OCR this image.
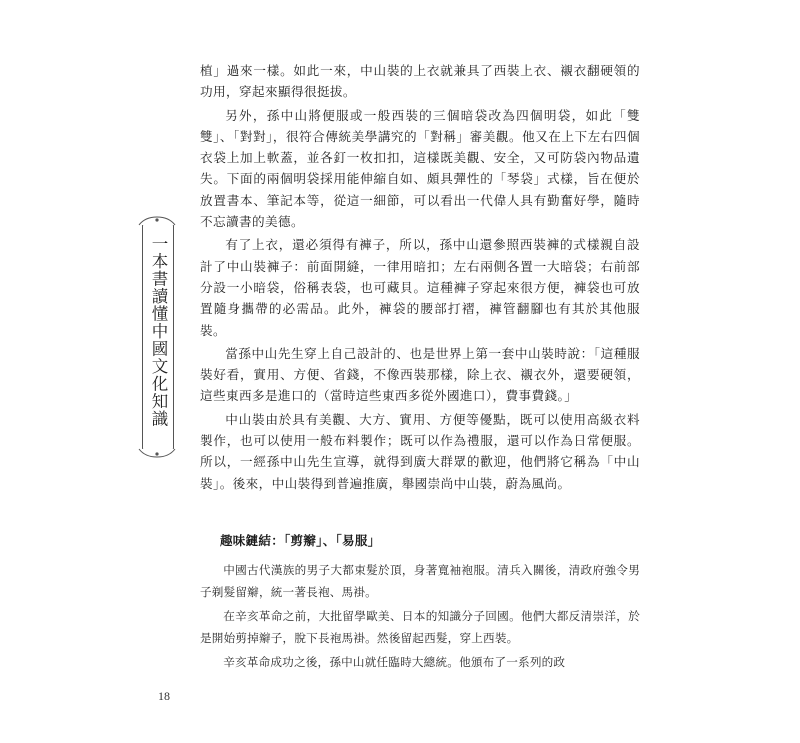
植」過來一樣。如此一來，中山裝的上衣就兼具了西裝上衣、襯衣翻硬領的功用，穿起來顯得很挺拔。

另外，孫中山將便服或一般西裝的三個暗袋改為四個明袋，如此「雙雙」、「對對」，很符合傳統美學講究的「對稱」審美觀。他又在上下左右四個衣袋上加上軟蓋，並各釘一枚扣扣，這樣既美觀、安全，又可防袋內物品遺失。下面的兩個明袋採用能伸縮自如、頗具彈性的「琴袋」式樣，旨在便於放置書本、筆記本等，從這一細節，可以看出一代偉人具有勤奮好學，隨時不忘讀書的美德。

有了上衣，還必須得有褲子，所以，孫中山還參照西裝褲的式樣親自設計了中山裝褲子：前面開縫，一律用暗扣；左右兩側各置一大暗袋；右前部分設一小暗袋，俗稱表袋，也可藏貝。這種褲子穿起來很方便，褲袋也可放置隨身攜帶的必需品。此外，褲袋的腰部打褶，褲管翻腳也有其於其他服裝。

當孫中山先生穿上自己設計的、也是世界上第一套中山裝時說：「這種服裝好看，實用、方便、省錢，不像西裝那樣，除上衣、襯衣外，還要硬領，這些東西多是進口的（當時這些東西多從外國進口），費事費錢。」

中山裝由於具有美觀、大方、實用、方便等優點，既可以使用高級衣料製作，也可以使用一般布料製作；既可以作為禮服，還可以作為日常便服。所以，一經孫中山先生宣導，就得到廣大群眾的歡迎，他們將它稱為「中山裝」。後來，中山裝得到普遍推廣，舉國崇尚中山裝，蔚為風尚。

一本書讀懂中國文化知識
趣味鏈結：「剪辮」、「易服」

中國古代漢族的男子大都束髮於頂，身著寬袖袍服。清兵入關後，清政府強令男子剃髮留辮，統一著長袍、馬褂。

在辛亥革命之前，大批留學歐美、日本的知識分子回國。他們大都反清崇洋，於是開始剪掉辮子，脫下長袍馬褂。然後留起西髮，穿上西裝。

辛亥革命成功之後，孫中山就任臨時大總統。他頒布了一系列的政

18
